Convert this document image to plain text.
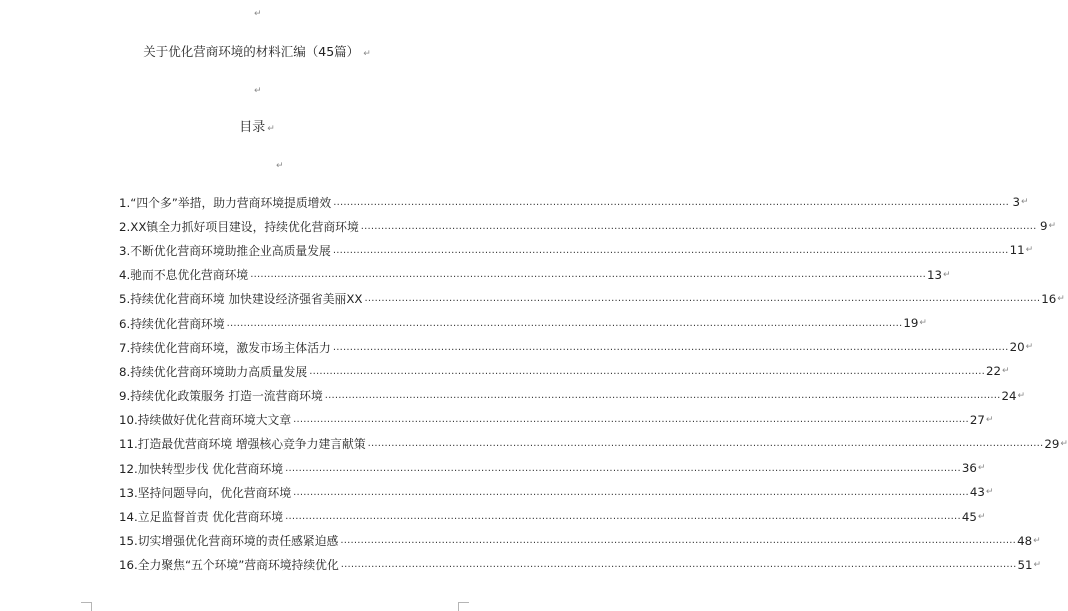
↵
关于优化营商环境的材料汇编（45篇） ↵
↵
目录 ↵
↵
1.“四个多”举措，助力营商环境提质增效 ........................................................................................................................................................................................................ 3 ↵
2.XX镇全力抓好项目建设，持续优化营商环境 ........................................................................................................................................................................................................ 9 ↵
3.不断优化营商环境助推企业高质量发展 ........................................................................................................................................................................................................ 11 ↵
4.驰而不息优化营商环境 ........................................................................................................................................................................................................ 13 ↵
5.持续优化营商环境 加快建设经济强省美丽XX ........................................................................................................................................................................................................ 16 ↵
6.持续优化营商环境 ........................................................................................................................................................................................................ 19 ↵
7.持续优化营商环境，激发市场主体活力 ........................................................................................................................................................................................................ 20 ↵
8.持续优化营商环境助力高质量发展 ........................................................................................................................................................................................................ 22 ↵
9.持续优化政策服务 打造一流营商环境 ........................................................................................................................................................................................................ 24 ↵
10.持续做好优化营商环境大文章 ........................................................................................................................................................................................................ 27 ↵
11.打造最优营商环境 增强核心竞争力建言献策 ........................................................................................................................................................................................................ 29 ↵
12.加快转型步伐 优化营商环境 ........................................................................................................................................................................................................ 36 ↵
13.坚持问题导向，优化营商环境 ........................................................................................................................................................................................................ 43 ↵
14.立足监督首责 优化营商环境 ........................................................................................................................................................................................................ 45 ↵
15.切实增强优化营商环境的责任感紧迫感 ........................................................................................................................................................................................................ 48 ↵
16.全力聚焦“五个环境”营商环境持续优化 ........................................................................................................................................................................................................ 51 ↵
